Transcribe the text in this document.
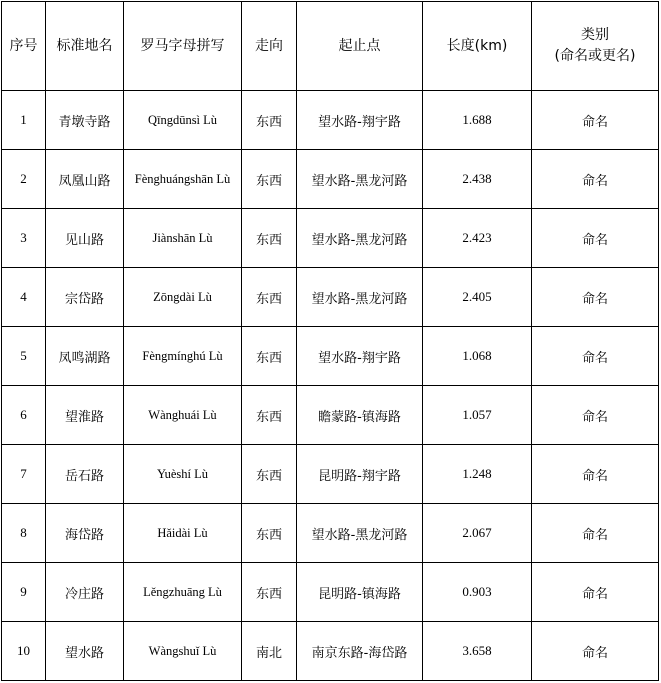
序号	标准地名	罗马字母拼写	走向	起止点	长度(km)	类别
(命名或更名)

1	青墩寺路	Qīngdūnsì Lù	东西	望水路-翔宇路	1.688	命名
2	凤凰山路	Fènghuángshān Lù	东西	望水路-黑龙河路	2.438	命名
3	见山路	Jiànshān Lù	东西	望水路-黑龙河路	2.423	命名
4	宗岱路	Zōngdài Lù	东西	望水路-黑龙河路	2.405	命名
5	凤鸣湖路	Fèngmínghú Lù	东西	望水路-翔宇路	1.068	命名
6	望淮路	Wànghuái Lù	东西	瞻蒙路-镇海路	1.057	命名
7	岳石路	Yuèshí Lù	东西	昆明路-翔宇路	1.248	命名
8	海岱路	Hǎidài Lù	东西	望水路-黑龙河路	2.067	命名
9	冷庄路	Lěngzhuāng Lù	东西	昆明路-镇海路	0.903	命名
10	望水路	Wàngshuǐ Lù	南北	南京东路-海岱路	3.658	命名
